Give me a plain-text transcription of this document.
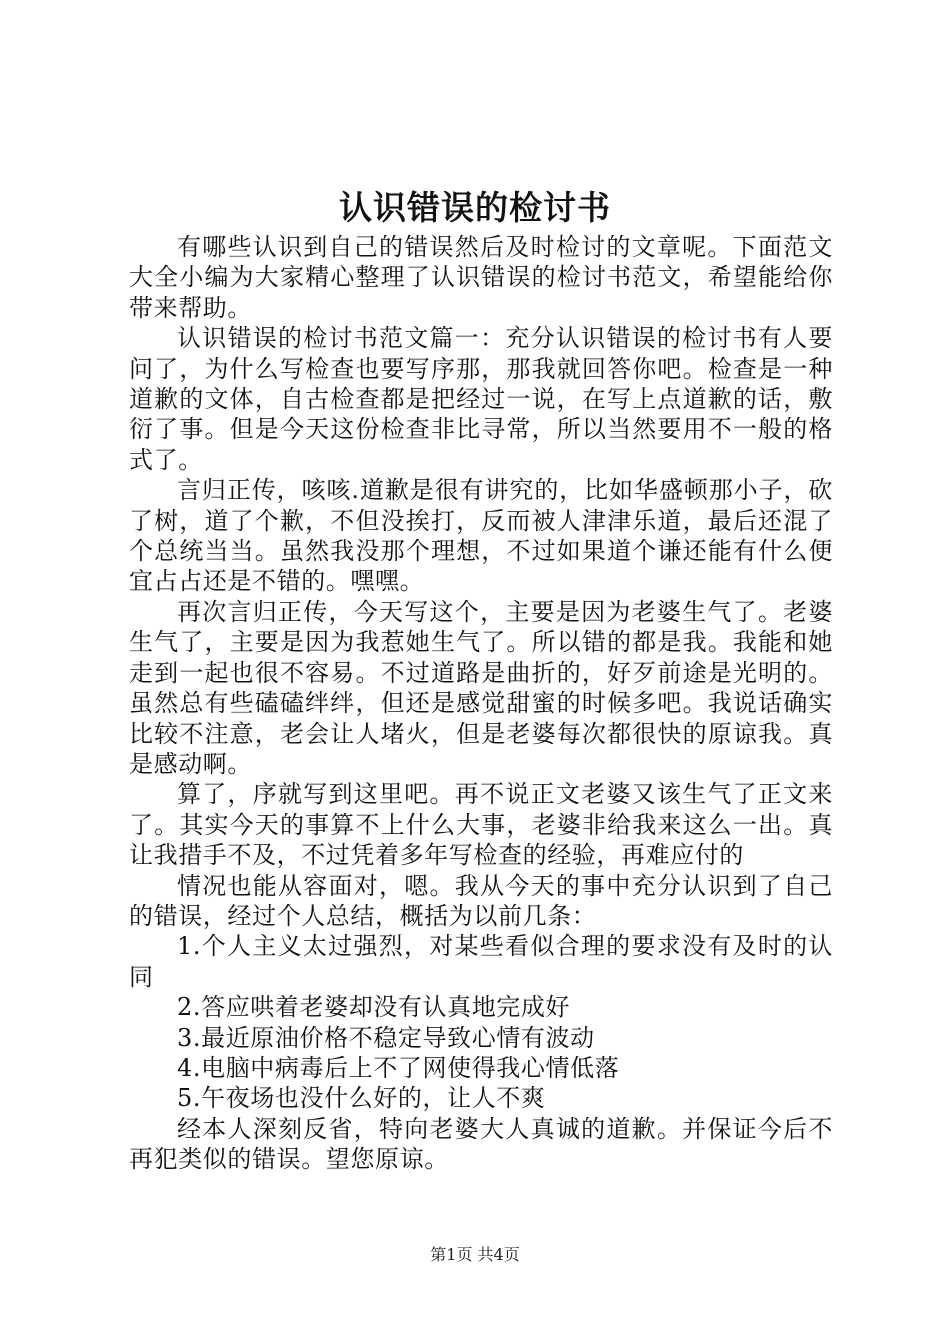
认识错误的检讨书

有哪些认识到自己的错误然后及时检讨的文章呢。下面范文大全小编为大家精心整理了认识错误的检讨书范文，希望能给你带来帮助。

认识错误的检讨书范文篇一：充分认识错误的检讨书有人要问了，为什么写检查也要写序那，那我就回答你吧。检查是一种道歉的文体，自古检查都是把经过一说，在写上点道歉的话，敷衍了事。但是今天这份检查非比寻常，所以当然要用不一般的格式了。

言归正传，咳咳.道歉是很有讲究的，比如华盛顿那小子，砍了树，道了个歉，不但没挨打，反而被人津津乐道，最后还混了个总统当当。虽然我没那个理想，不过如果道个谦还能有什么便宜占占还是不错的。嘿嘿。

再次言归正传，今天写这个，主要是因为老婆生气了。老婆生气了，主要是因为我惹她生气了。所以错的都是我。我能和她走到一起也很不容易。不过道路是曲折的，好歹前途是光明的。虽然总有些磕磕绊绊，但还是感觉甜蜜的时候多吧。我说话确实比较不注意，老会让人堵火，但是老婆每次都很快的原谅我。真是感动啊。

算了，序就写到这里吧。再不说正文老婆又该生气了正文来了。其实今天的事算不上什么大事，老婆非给我来这么一出。真让我措手不及，不过凭着多年写检查的经验，再难应付的

情况也能从容面对，嗯。我从今天的事中充分认识到了自己的错误，经过个人总结，概括为以前几条：

1.个人主义太过强烈，对某些看似合理的要求没有及时的认同

2.答应哄着老婆却没有认真地完成好

3.最近原油价格不稳定导致心情有波动

4.电脑中病毒后上不了网使得我心情低落

5.午夜场也没什么好的，让人不爽

经本人深刻反省，特向老婆大人真诚的道歉。并保证今后不再犯类似的错误。望您原谅。

第1页 共4页
